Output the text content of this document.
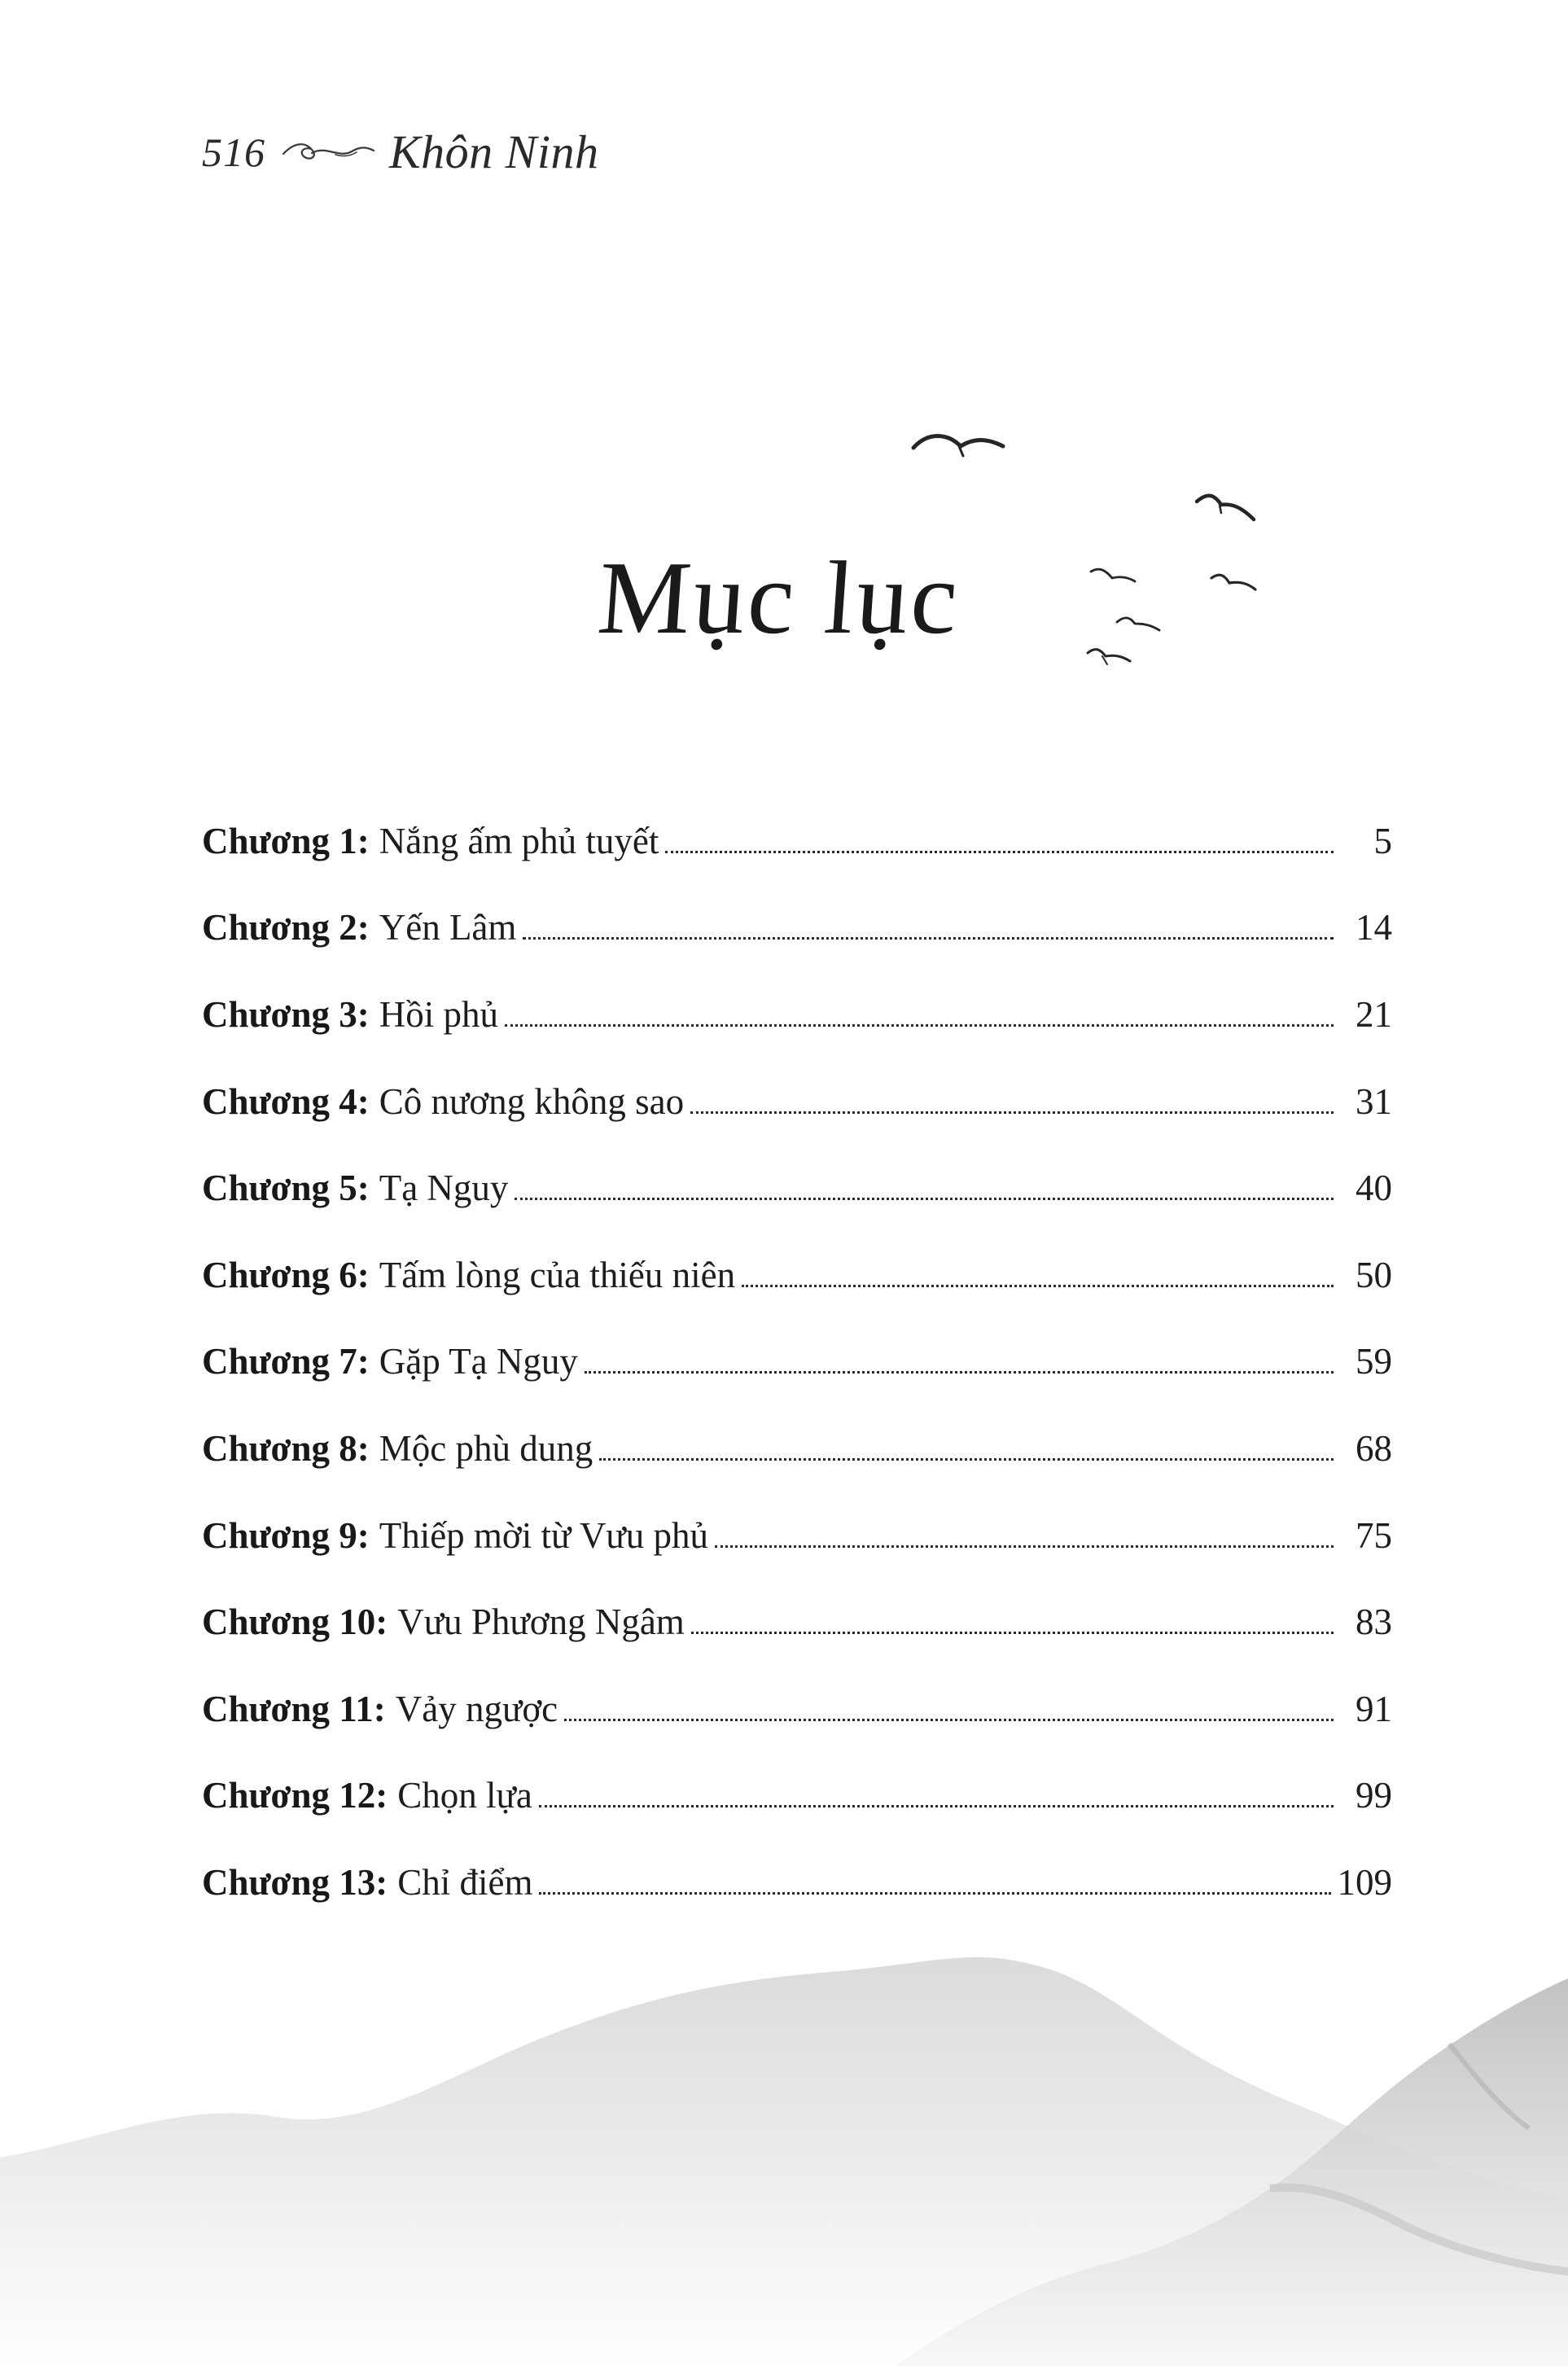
516	Khôn Ninh
Mục lục
Chương 1: Nắng ấm phủ tuyết	5
Chương 2: Yến Lâm	14
Chương 3: Hồi phủ	21
Chương 4: Cô nương không sao	31
Chương 5: Tạ Nguy	40
Chương 6: Tấm lòng của thiếu niên	50
Chương 7: Gặp Tạ Nguy	59
Chương 8: Mộc phù dung	68
Chương 9: Thiếp mời từ Vưu phủ	75
Chương 10: Vưu Phương Ngâm	83
Chương 11: Vảy ngược	91
Chương 12: Chọn lựa	99
Chương 13: Chỉ điểm	109
